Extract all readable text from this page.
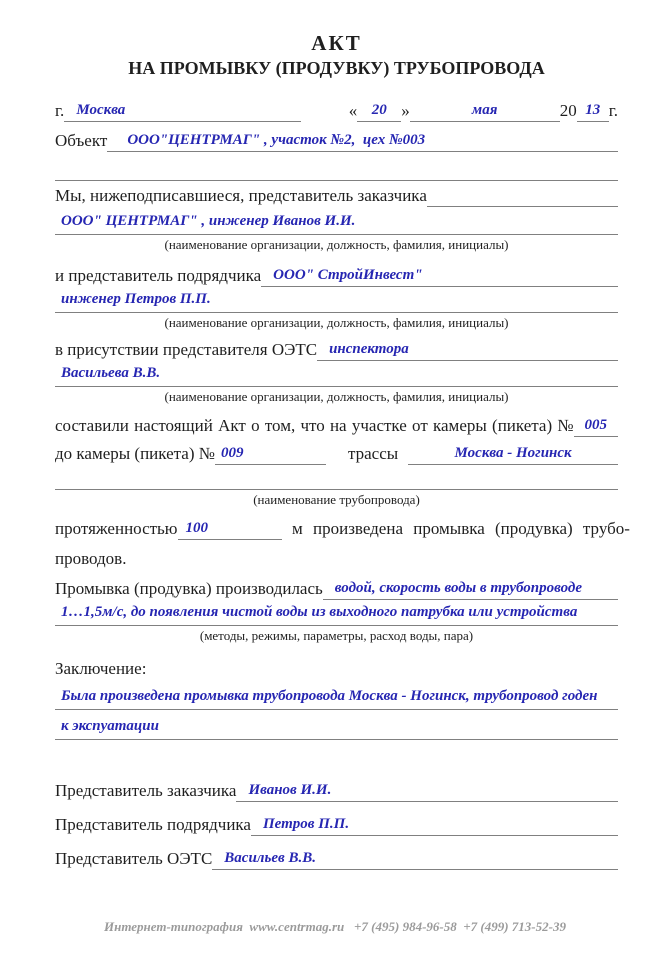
АКТ
НА ПРОМЫВКУ (ПРОДУВКУ) ТРУБОПРОВОДА
г. Москва	« 20 »	мая	20 13 г.
Объект	ООО"ЦЕНТРМАГ" , участок №2,  цех №003
Мы, нижеподписавшиеся, представитель заказчика
ООО" ЦЕНТРМАГ" , инженер Иванов И.И.
(наименование организации, должность, фамилия, инициалы)
и представитель подрядчика ООО" СтройИнвест"
инженер Петров П.П.
(наименование организации, должность, фамилия, инициалы)
в присутствии представителя ОЭТС инспектора
Васильева В.В.
(наименование организации, должность, фамилия, инициалы)
составили настоящий Акт о том, что на участке от камеры (пикета) № 005
до камеры (пикета) № 009	трассы	Москва - Ногинск
(наименование трубопровода)
протяженностью 100	м произведена промывка (продувка) трубо-
проводов.
Промывка (продувка) производилась водой, скорость воды в трубопроводе
1…1,5м/с, до появления чистой воды из выходного патрубка или устройства
(методы, режимы, параметры, расход воды, пара)
Заключение:
Была произведена промывка трубопровода Москва - Ногинск, трубопровод годен
к экспуатации
Представитель заказчика Иванов И.И.
Представитель подрядчика Петров П.П.
Представитель ОЭТС Васильев В.В.
Интернет-типография  www.centrmag.ru   +7 (495) 984-96-58  +7 (499) 713-52-39
